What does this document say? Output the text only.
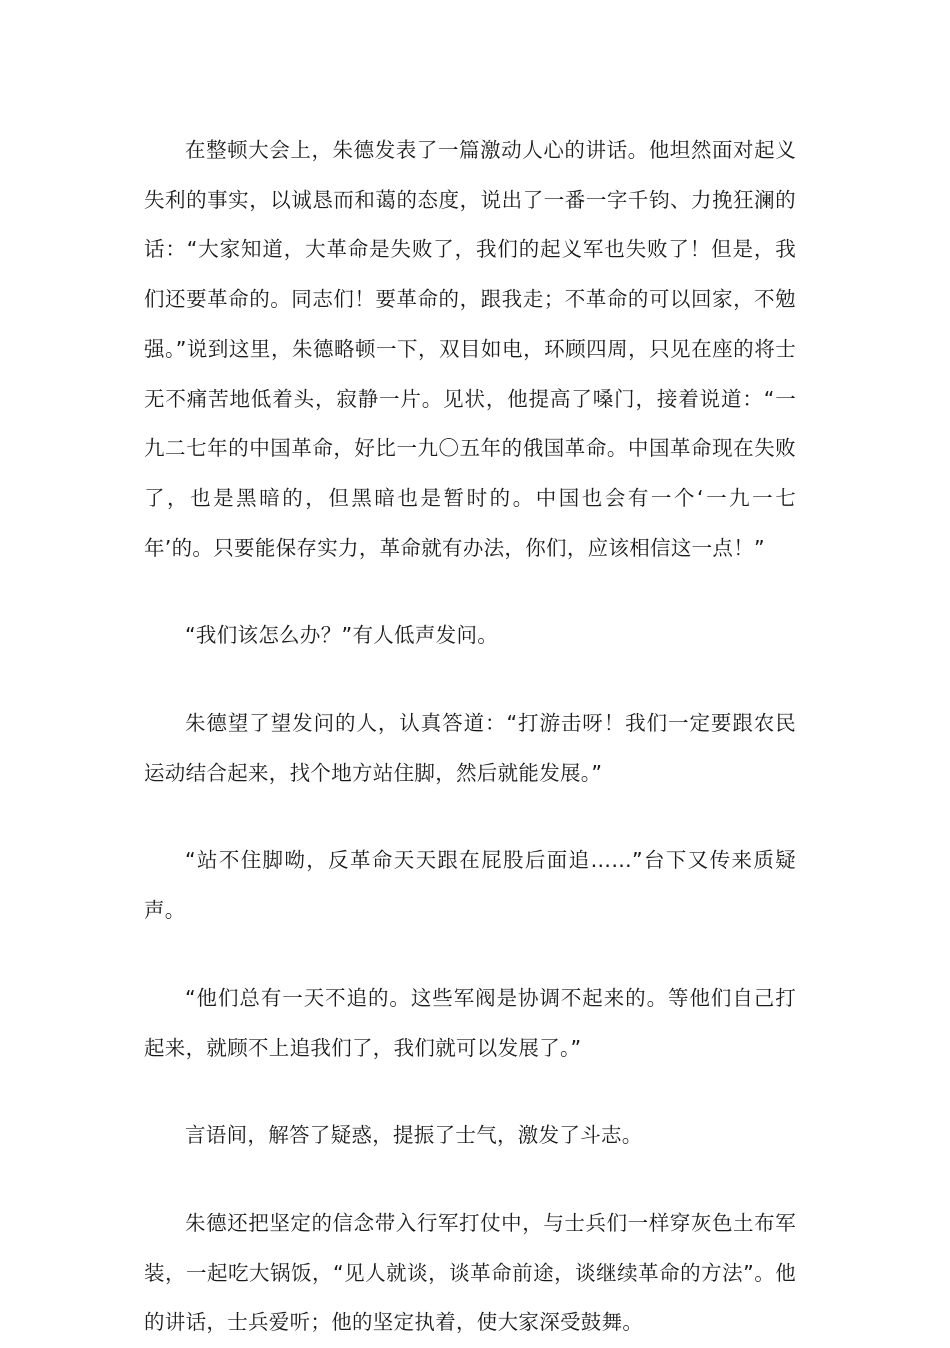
在整顿大会上，朱德发表了一篇激动人心的讲话。他坦然面对起义失利的事实，以诚恳而和蔼的态度，说出了一番一字千钧、力挽狂澜的话：“大家知道，大革命是失败了，我们的起义军也失败了！但是，我们还要革命的。同志们！要革命的，跟我走；不革命的可以回家，不勉强。”说到这里，朱德略顿一下，双目如电，环顾四周，只见在座的将士无不痛苦地低着头，寂静一片。见状，他提高了嗓门，接着说道：“一九二七年的中国革命，好比一九〇五年的俄国革命。中国革命现在失败了，也是黑暗的，但黑暗也是暂时的。中国也会有一个‘一九一七年’的。只要能保存实力，革命就有办法，你们，应该相信这一点！”

“我们该怎么办？”有人低声发问。

朱德望了望发问的人，认真答道：“打游击呀！我们一定要跟农民运动结合起来，找个地方站住脚，然后就能发展。”

“站不住脚呦，反革命天天跟在屁股后面追……”台下又传来质疑声。

“他们总有一天不追的。这些军阀是协调不起来的。等他们自己打起来，就顾不上追我们了，我们就可以发展了。”

言语间，解答了疑惑，提振了士气，激发了斗志。

朱德还把坚定的信念带入行军打仗中，与士兵们一样穿灰色土布军装，一起吃大锅饭，“见人就谈，谈革命前途，谈继续革命的方法”。他的讲话，士兵爱听；他的坚定执着，使大家深受鼓舞。
